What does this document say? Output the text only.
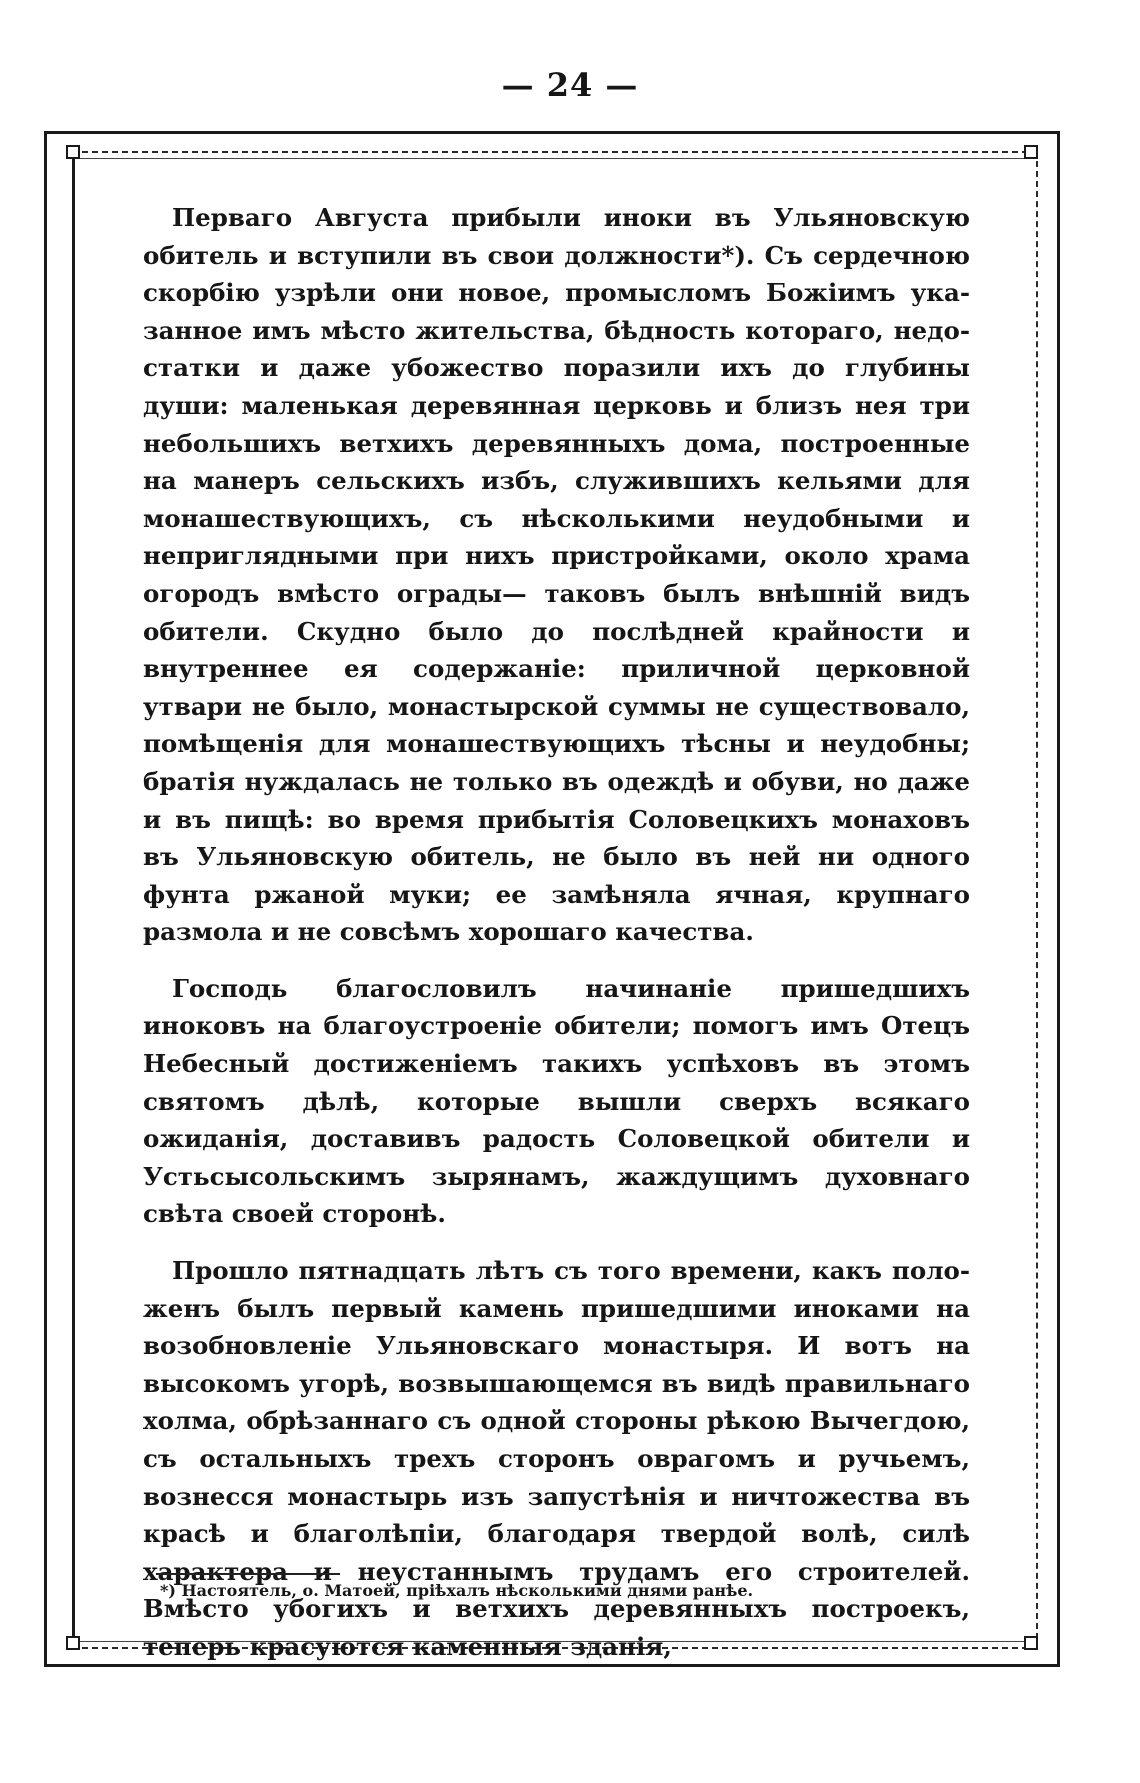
— 24 —

Перваго Августа прибыли иноки въ Ульяновскую обитель и вступили въ свои должности*). Съ сердечною скорбію узрѣли они новое, промысломъ Божіимъ указанное имъ мѣсто жительства, бѣдность котораго, недостатки и даже убожество поразили ихъ до глубины души: маленькая деревянная церковь и близъ нея три небольшихъ ветхихъ деревянныхъ дома, построенные на манеръ сельскихъ избъ, служившихъ кельями для монашествующихъ, съ нѣсколькими неудобными и неприглядными при нихъ пристройками, около храма огородъ вмѣсто ограды— таковъ былъ внѣшній видъ обители. Скудно было до послѣдней крайности и внутреннее ея содержаніе: приличной церковной утвари не было, монастырской суммы не существовало, помѣщенія для монашествующихъ тѣсны и неудобны; братія нуждалась не только въ одеждѣ и обуви, но даже и въ пищѣ: во время прибытія Соловецкихъ монаховъ въ Ульяновскую обитель, не было въ ней ни одного фунта ржаной муки; ее замѣняла ячная, крупнаго размола и не совсѣмъ хорошаго качества.

Господь благословилъ начинаніе пришедшихъ иноковъ на благоустроеніе обители; помогъ имъ Отецъ Небесный достиженіемъ такихъ успѣховъ въ этомъ святомъ дѣлѣ, которые вышли сверхъ всякаго ожиданія, доставивъ радость Соловецкой обители и Устьсысольскимъ зырянамъ, жаждущимъ духовнаго свѣта своей сторонѣ.

Прошло пятнадцать лѣтъ съ того времени, какъ положенъ былъ первый камень пришедшими иноками на возобновленіе Ульяновскаго монастыря. И вотъ на высокомъ угорѣ, возвышающемся въ видѣ правильнаго холма, обрѣзаннаго съ одной стороны рѣкою Вычегдою, съ остальныхъ трехъ сторонъ оврагомъ и ручьемъ, вознесся монастырь изъ запустѣнія и ничтожества въ красѣ и благолѣпіи, благодаря твердой волѣ, силѣ характера и неустаннымъ трудамъ его строителей. Вмѣсто убогихъ и ветхихъ деревянныхъ построекъ, теперь красуются каменныя зданія,

*) Настоятель, о. Матоей, пріѣхалъ нѣсколькими днями ранѣе.
